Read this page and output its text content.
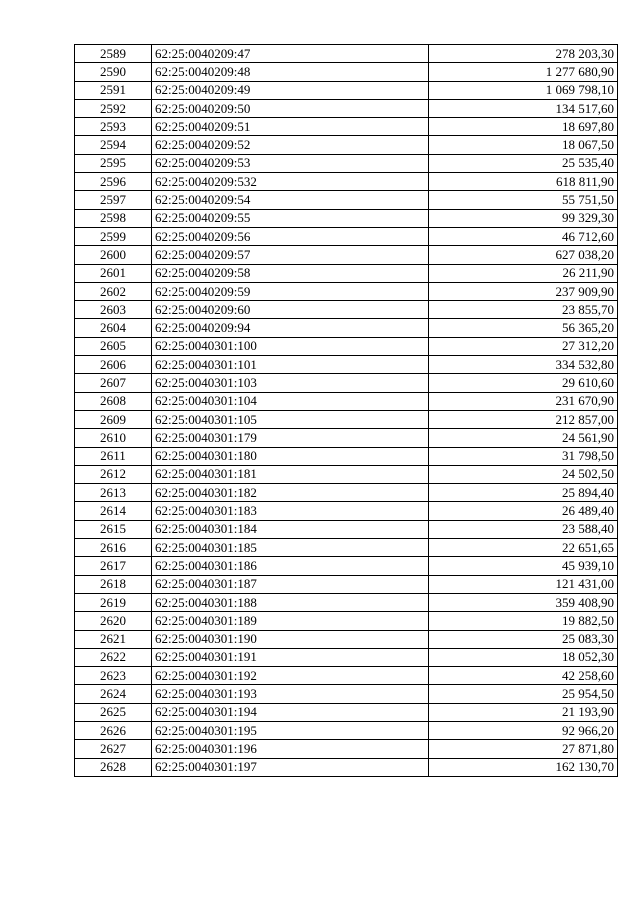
2589	62:25:0040209:47	278 203,30
2590	62:25:0040209:48	1 277 680,90
2591	62:25:0040209:49	1 069 798,10
2592	62:25:0040209:50	134 517,60
2593	62:25:0040209:51	18 697,80
2594	62:25:0040209:52	18 067,50
2595	62:25:0040209:53	25 535,40
2596	62:25:0040209:532	618 811,90
2597	62:25:0040209:54	55 751,50
2598	62:25:0040209:55	99 329,30
2599	62:25:0040209:56	46 712,60
2600	62:25:0040209:57	627 038,20
2601	62:25:0040209:58	26 211,90
2602	62:25:0040209:59	237 909,90
2603	62:25:0040209:60	23 855,70
2604	62:25:0040209:94	56 365,20
2605	62:25:0040301:100	27 312,20
2606	62:25:0040301:101	334 532,80
2607	62:25:0040301:103	29 610,60
2608	62:25:0040301:104	231 670,90
2609	62:25:0040301:105	212 857,00
2610	62:25:0040301:179	24 561,90
2611	62:25:0040301:180	31 798,50
2612	62:25:0040301:181	24 502,50
2613	62:25:0040301:182	25 894,40
2614	62:25:0040301:183	26 489,40
2615	62:25:0040301:184	23 588,40
2616	62:25:0040301:185	22 651,65
2617	62:25:0040301:186	45 939,10
2618	62:25:0040301:187	121 431,00
2619	62:25:0040301:188	359 408,90
2620	62:25:0040301:189	19 882,50
2621	62:25:0040301:190	25 083,30
2622	62:25:0040301:191	18 052,30
2623	62:25:0040301:192	42 258,60
2624	62:25:0040301:193	25 954,50
2625	62:25:0040301:194	21 193,90
2626	62:25:0040301:195	92 966,20
2627	62:25:0040301:196	27 871,80
2628	62:25:0040301:197	162 130,70
